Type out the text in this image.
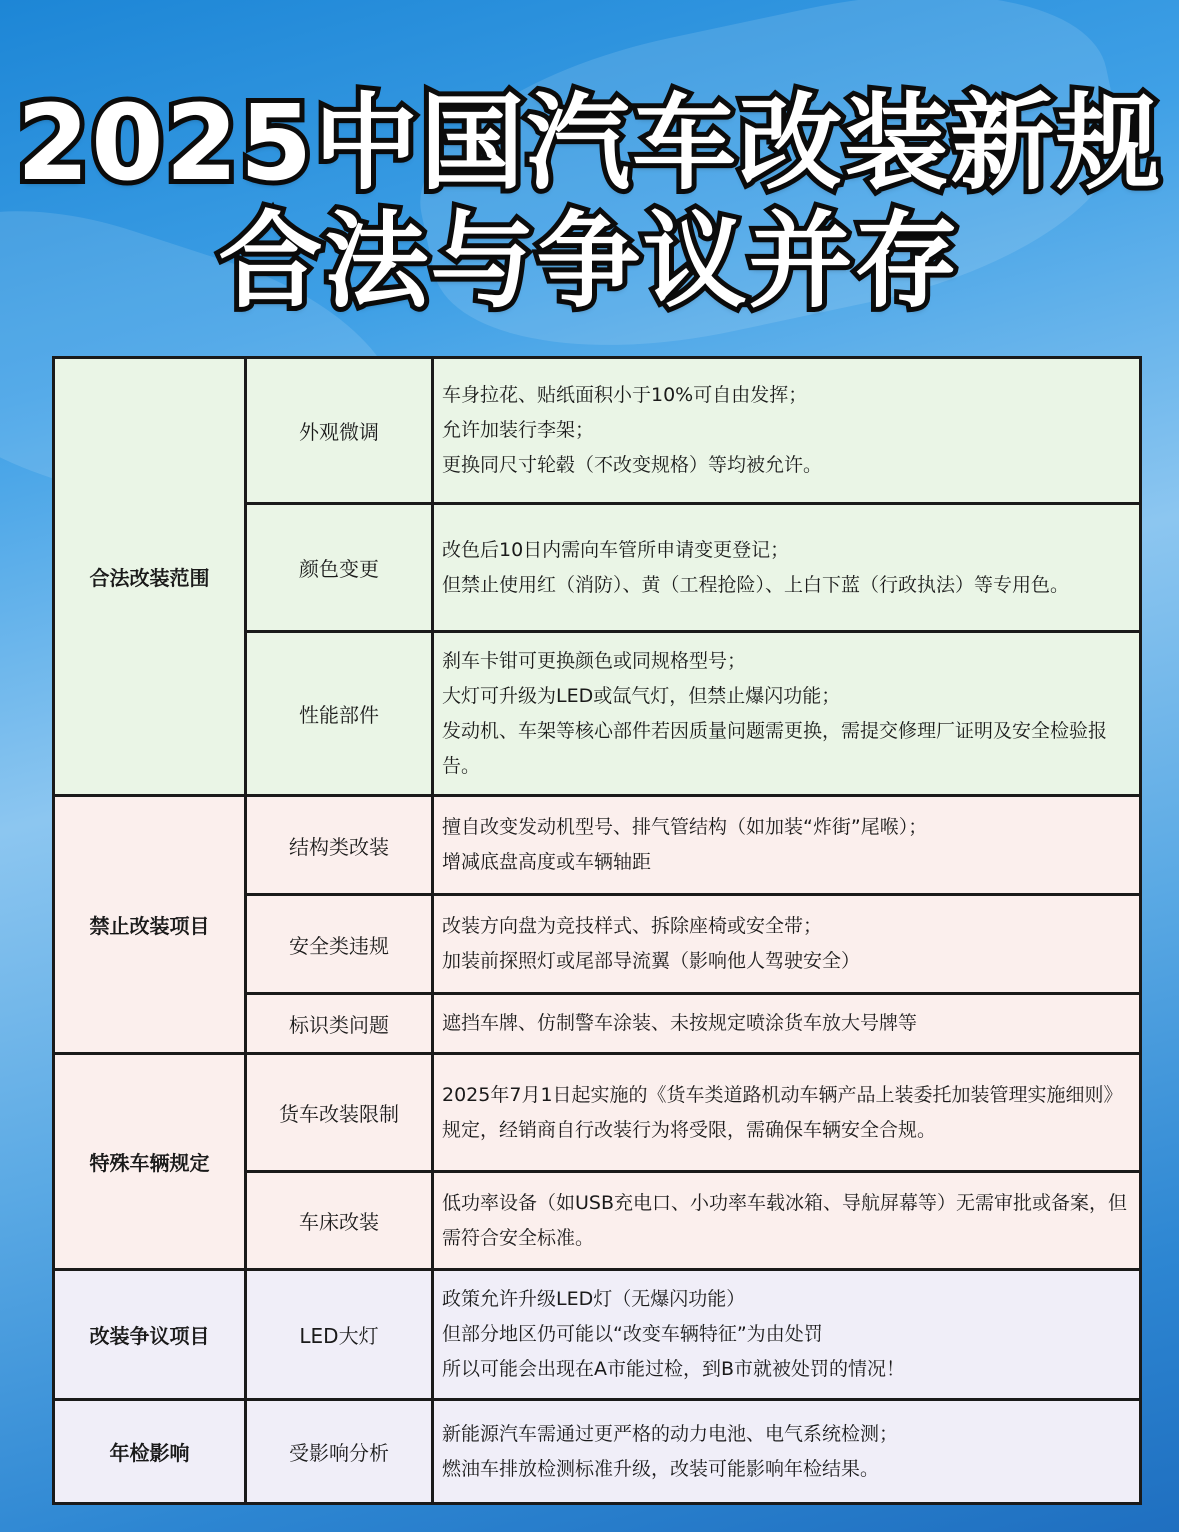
2025中国汽车改装新规
合法与争议并存
合法改装范围	外观微调	车身拉花、贴纸面积小于10%可自由发挥；
允许加装行李架；
更换同尺寸轮毂（不改变规格）等均被允许。

	颜色变更	改色后10日内需向车管所申请变更登记；
但禁止使用红（消防）、黄（工程抢险）、上白下蓝（行政执法）等专用色。

	性能部件	刹车卡钳可更换颜色或同规格型号；
大灯可升级为LED或氙气灯，但禁止爆闪功能；
发动机、车架等核心部件若因质量问题需更换，需提交修理厂证明及安全检验报告。

禁止改装项目	结构类改装	擅自改变发动机型号、排气管结构（如加装“炸街”尾喉）；
增减底盘高度或车辆轴距

	安全类违规	改装方向盘为竞技样式、拆除座椅或安全带；
加装前探照灯或尾部导流翼（影响他人驾驶安全）

	标识类问题	遮挡车牌、仿制警车涂装、未按规定喷涂货车放大号牌等

特殊车辆规定	货车改装限制	2025年7月1日起实施的《货车类道路机动车辆产品上装委托加装管理实施细则》规定，经销商自行改装行为将受限，需确保车辆安全合规。
	车床改装	低功率设备（如USB充电口、小功率车载冰箱、导航屏幕等）无需审批或备案，但需符合安全标准。
改装争议项目	LED大灯	政策允许升级LED灯（无爆闪功能）
但部分地区仍可能以“改变车辆特征”为由处罚
所以可能会出现在A市能过检，到B市就被处罚的情况！

年检影响	受影响分析	新能源汽车需通过更严格的动力电池、电气系统检测；
燃油车排放检测标准升级，改装可能影响年检结果。
